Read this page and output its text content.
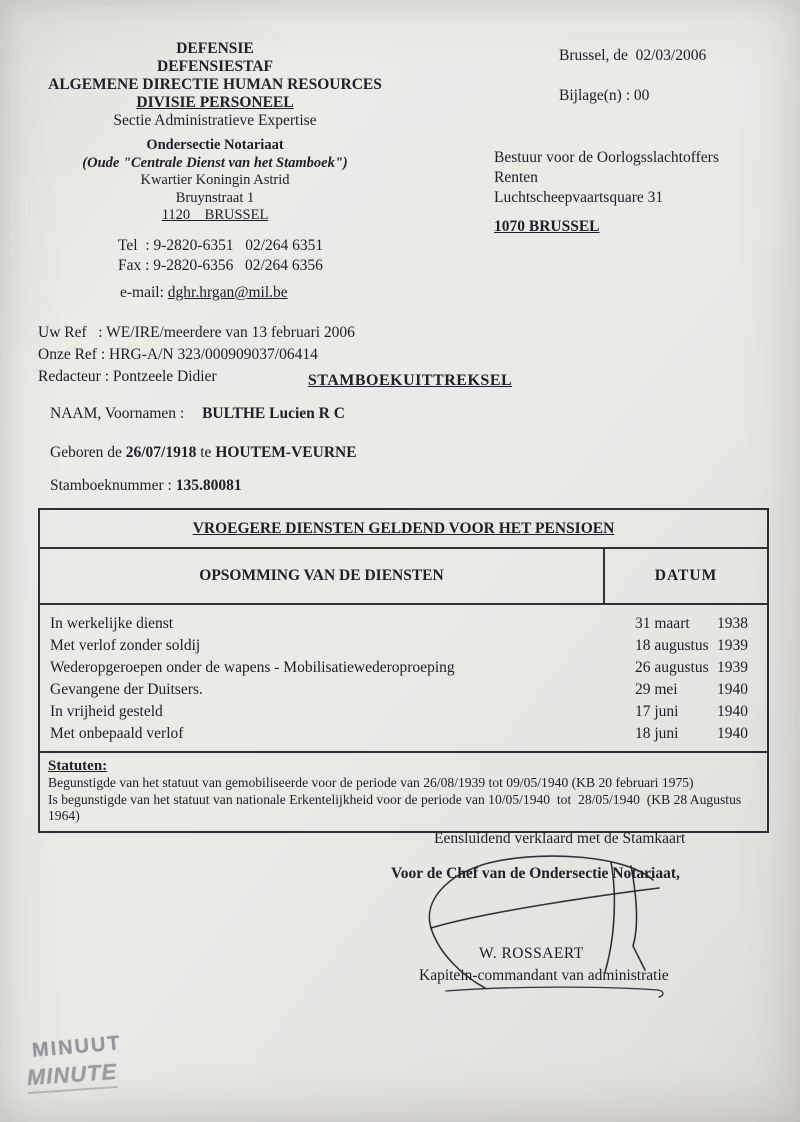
DEFENSIE
DEFENSIESTAF
ALGEMENE DIRECTIE HUMAN RESOURCES
DIVISIE PERSONEEL
Sectie Administratieve Expertise
Ondersectie Notariaat
(Oude "Centrale Dienst van het Stamboek")
Kwartier Koningin Astrid
Bruynstraat 1
1120    BRUSSEL
Tel  : 9-2820-6351   02/264 6351
Fax : 9-2820-6356   02/264 6356
e-mail: dghr.hrgan@mil.be
Brussel, de  02/03/2006
Bijlage(n) : 00
Bestuur voor de Oorlogsslachtoffers
Renten
Luchtscheepvaartsquare 31
1070 BRUSSEL
Uw Ref   : WE/IRE/meerdere van 13 februari 2006
Onze Ref : HRG-A/N 323/000909037/06414
Redacteur : Pontzeele Didier	STAMBOEKUITTREKSEL
NAAM, Voornamen : BULTHE Lucien R C
Geboren de 26/07/1918 te HOUTEM-VEURNE
Stamboeknummer : 135.80081
VROEGERE DIENSTEN GELDEND VOOR HET PENSIOEN
OPSOMMING VAN DE DIENSTEN	DATUM
In werkelijke dienst	31 maart	1938
Met verlof zonder soldij	18 augustus 1939
Wederopgeroepen onder de wapens - Mobilisatiewederoproeping	26 augustus 1939
Gevangene der Duitsers.	29 mei	1940
In vrijheid gesteld	17 juni	1940
Met onbepaald verlof	18 juni	1940
Statuten:
Begunstigde van het statuut van gemobiliseerde voor de periode van 26/08/1939 tot 09/05/1940 (KB 20 februari 1975)
Is begunstigde van het statuut van nationale Erkentelijkheid voor de periode van 10/05/1940  tot  28/05/1940  (KB 28 Augustus 1964)
Eensluidend verklaard met de Stamkaart
Voor de Chef van de Ondersectie Notariaat,
W. ROSSAERT
Kapitein-commandant van administratie
MINUUT
MINUTE
